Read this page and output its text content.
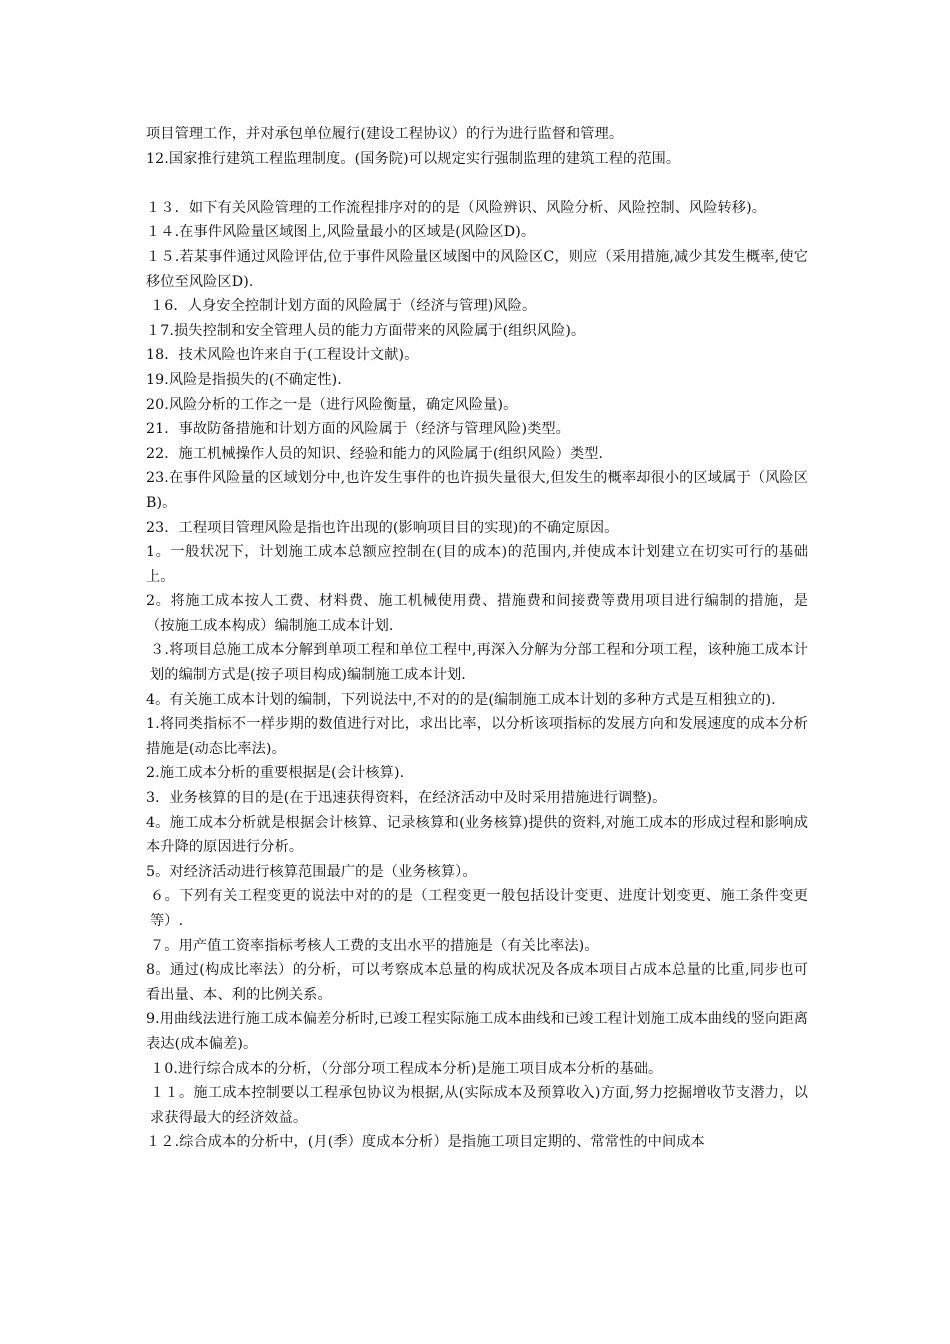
项目管理工作，并对承包单位履行(建设工程协议）的行为进行监督和管理。

12.国家推行建筑工程监理制度。(国务院)可以规定实行强制监理的建筑工程的范围。

１３．如下有关风险管理的工作流程排序对的的是（风险辨识、风险分析、风险控制、风险转移)。

１４.在事件风险量区域图上,风险量最小的区域是(风险区D)。

１５.若某事件通过风险评估,位于事件风险量区域图中的风险区C，则应（采用措施,减少其发生概率,使它移位至风险区D).

１6．人身安全控制计划方面的风险属于（经济与管理)风险。

１7.损失控制和安全管理人员的能力方面带来的风险属于(组织风险)。

18．技术风险也许来自于(工程设计文献)。

19.风险是指损失的(不确定性).

20.风险分析的工作之一是（进行风险衡量，确定风险量)。

21．事故防备措施和计划方面的风险属于（经济与管理风险)类型。

22．施工机械操作人员的知识、经验和能力的风险属于(组织风险）类型.

23.在事件风险量的区域划分中,也许发生事件的也许损失量很大,但发生的概率却很小的区域属于（风险区B)。

23．工程项目管理风险是指也许出现的(影响项目目的实现)的不确定原因。

1。一般状况下，计划施工成本总额应控制在(目的成本)的范围内,并使成本计划建立在切实可行的基础上。

2。将施工成本按人工费、材料费、施工机械使用费、措施费和间接费等费用项目进行编制的措施，是（按施工成本构成）编制施工成本计划.

３.将项目总施工成本分解到单项工程和单位工程中,再深入分解为分部工程和分项工程，该种施工成本计划的编制方式是(按子项目构成)编制施工成本计划.

4。有关施工成本计划的编制，下列说法中,不对的的是(编制施工成本计划的多种方式是互相独立的).

1.将同类指标不一样步期的数值进行对比，求出比率，以分析该项指标的发展方向和发展速度的成本分析措施是(动态比率法)。

2.施工成本分析的重要根据是(会计核算).

3．业务核算的目的是(在于迅速获得资料，在经济活动中及时采用措施进行调整)。

4。施工成本分析就是根据会计核算、记录核算和(业务核算)提供的资料,对施工成本的形成过程和影响成本升降的原因进行分析。

5。对经济活动进行核算范围最广的是（业务核算）。

６。下列有关工程变更的说法中对的的是（工程变更一般包括设计变更、进度计划变更、施工条件变更等）.

７。用产值工资率指标考核人工费的支出水平的措施是（有关比率法)。

8。通过(构成比率法）的分析，可以考察成本总量的构成状况及各成本项目占成本总量的比重,同步也可看出量、本、利的比例关系。

9.用曲线法进行施工成本偏差分析时,已竣工程实际施工成本曲线和已竣工程计划施工成本曲线的竖向距离表达(成本偏差)。

１0.进行综合成本的分析，（分部分项工程成本分析)是施工项目成本分析的基础。

１１。施工成本控制要以工程承包协议为根据,从(实际成本及预算收入)方面,努力挖掘增收节支潜力，以求获得最大的经济效益。

１２.综合成本的分析中，(月(季）度成本分析）是指施工项目定期的、常常性的中间成本
